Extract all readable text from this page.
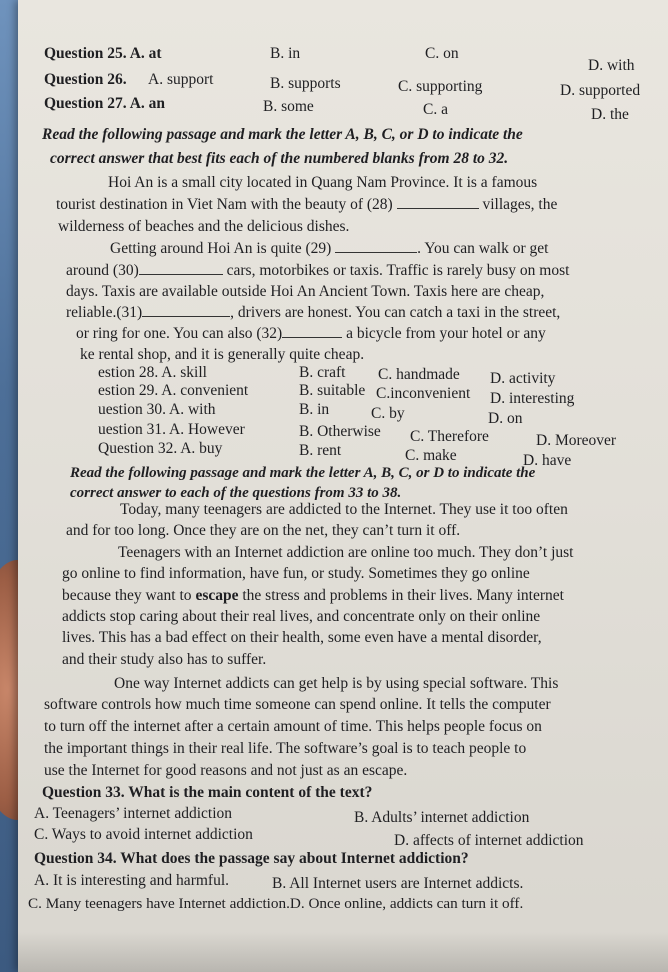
Question 25. A. at	B. in	C. on
D. with
Question 26. A. support	B. supports	C. supporting	D. supported
Question 27. A. an	B. some	C. a	D. the
Read the following passage and mark the letter A, B, C, or D to indicate the
correct answer that best fits each of the numbered blanks from 28 to 32.
Hoi An is a small city located in Quang Nam Province. It is a famous
tourist destination in Viet Nam with the beauty of (28)	villages, the
wilderness of beaches and the delicious dishes.
Getting around Hoi An is quite (29)	. You can walk or get
around (30)	cars, motorbikes or taxis. Traffic is rarely busy on most
days. Taxis are available outside Hoi An Ancient Town. Taxis here are cheap,
reliable.(31)	, drivers are honest. You can catch a taxi in the street,
or ring for one. You can also (32)	a bicycle from your hotel or any
ke rental shop, and it is generally quite cheap.
estion 28. A. skill	B. craft C. handmade D. activity
estion 29. A. convenient	B. suitable C.inconvenient D. interesting
uestion 30. A. with	B. in	C. by	D. on
uestion 31. A. However	B. Otherwise C. Therefore	D. Moreover
Question 32. A. buy	B. rent	C. make	D. have
Read the following passage and mark the letter A, B, C, or D to indicate the
correct answer to each of the questions from 33 to 38.
Today, many teenagers are addicted to the Internet. They use it too often
and for too long. Once they are on the net, they can’t turn it off.
Teenagers with an Internet addiction are online too much. They don’t just
go online to find information, have fun, or study. Sometimes they go online
because they want to escape the stress and problems in their lives. Many internet
addicts stop caring about their real lives, and concentrate only on their online
lives. This has a bad effect on their health, some even have a mental disorder,
and their study also has to suffer.
One way Internet addicts can get help is by using special software. This
software controls how much time someone can spend online. It tells the computer
to turn off the internet after a certain amount of time. This helps people focus on
the important things in their real life. The software’s goal is to teach people to
use the Internet for good reasons and not just as an escape.
Question 33. What is the main content of the text?
A. Teenagers’ internet addiction	B. Adults’ internet addiction
C. Ways to avoid internet addiction	D. affects of internet addiction
Question 34. What does the passage say about Internet addiction?
A. It is interesting and harmful.	B. All Internet users are Internet addicts.
C. Many teenagers have Internet addiction.D. Once online, addicts can turn it off.
